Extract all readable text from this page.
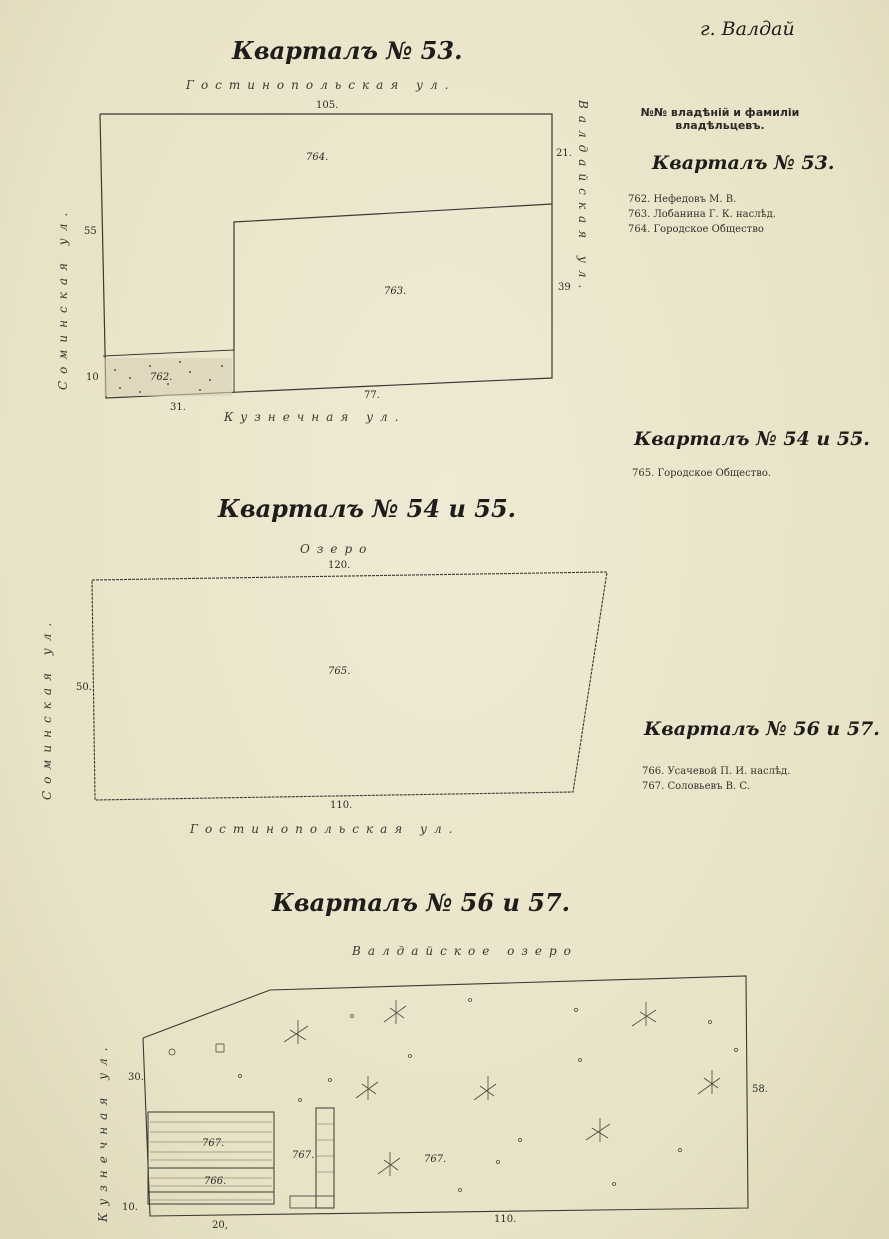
г. Валдай
Кварталъ № 53.
Гостинопольская ул.
105.
21.
39
55
10
31.
77.
764.
763.
762.
Кузнечная ул.
Соминская ул.
Валдайская ул.
Кварталъ № 54 и 55.
Озеро
120.
50.
110.
765.
Гостинопольская ул.
Соминская ул.
Кварталъ № 56 и 57.
Валдайское озеро
30.
58.
10.
20,
110.
767.
767.
766.
767.
Кузнечная ул.
№№ владѣній и фамиліи владѣльцевъ.
Кварталъ № 53.
762. Нефедовъ М. В.
763. Лобанина Г. К. наслѣд.
764. Городское Общество
Кварталъ № 54 и 55.
765. Городское Общество.
Кварталъ № 56 и 57.
766. Усачевой П. И. наслѣд.
767. Соловьевъ В. С.
